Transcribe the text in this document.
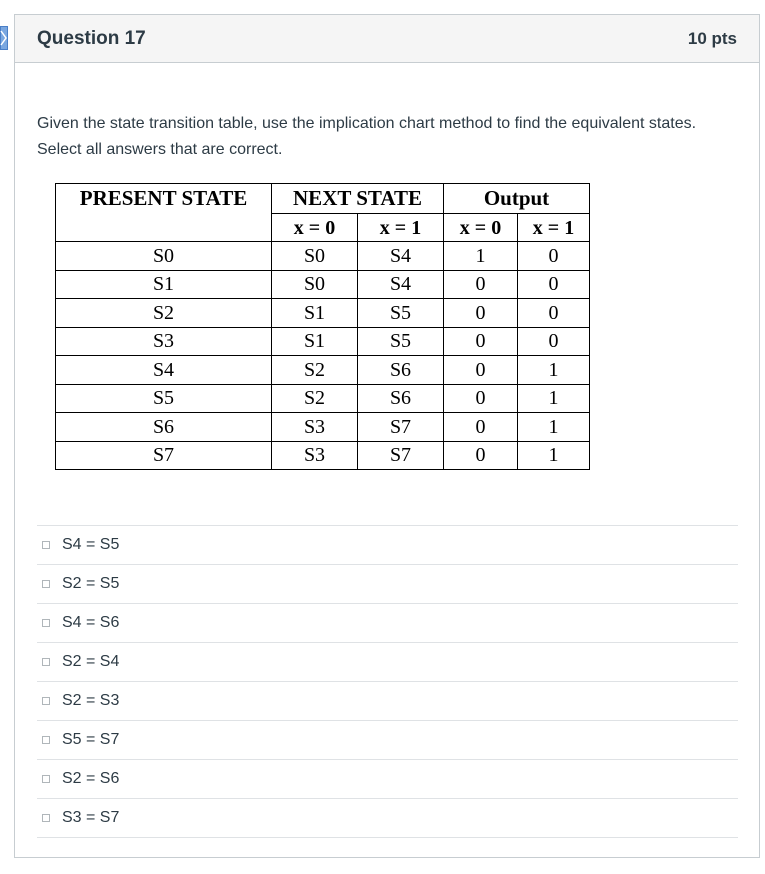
Question 17	10 pts
Given the state transition table, use the implication chart method to find the equivalent states. Select all answers that are correct.
PRESENT STATE	NEXT STATE		Output	
	x = 0	x = 1	x = 0	x = 1
S0	S0	S4	1	0
S1	S0	S4	0	0
S2	S1	S5	0	0
S3	S1	S5	0	0
S4	S2	S6	0	1
S5	S2	S6	0	1
S6	S3	S7	0	1
S7	S3	S7	0	1
S4 = S5
S2 = S5
S4 = S6
S2 = S4
S2 = S3
S5 = S7
S2 = S6
S3 = S7
